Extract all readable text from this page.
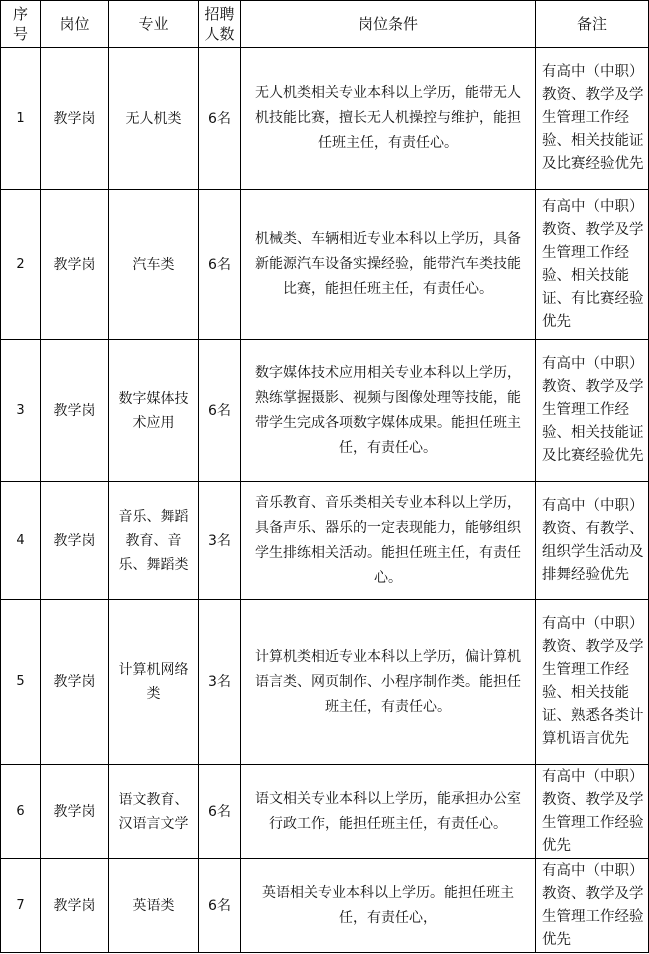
序号	岗位	专业	招聘人数	岗位条件	备注
1	教学岗	无人机类	6名	无人机类相关专业本科以上学历，能带无人机技能比赛，擅长无人机操控与维护，能担任班主任，有责任心。	有高中（中职）教资、教学及学生管理工作经验、相关技能证及比赛经验优先
2	教学岗	汽车类	6名	机械类、车辆相近专业本科以上学历，具备新能源汽车设备实操经验，能带汽车类技能比赛，能担任班主任，有责任心。	有高中（中职）教资、教学及学生管理工作经验、相关技能证、有比赛经验优先
3	教学岗	数字媒体技术应用	6名	数字媒体技术应用相关专业本科以上学历，熟练掌握摄影、视频与图像处理等技能，能带学生完成各项数字媒体成果。能担任班主任，有责任心。	有高中（中职）教资、教学及学生管理工作经验、相关技能证及比赛经验优先
4	教学岗	音乐、舞蹈教育、音乐、舞蹈类	3名	音乐教育、音乐类相关专业本科以上学历，具备声乐、器乐的一定表现能力，能够组织学生排练相关活动。能担任班主任，有责任心。	有高中（中职）教资、有教学、组织学生活动及排舞经验优先
5	教学岗	计算机网络类	3名	计算机类相近专业本科以上学历，偏计算机语言类、网页制作、小程序制作类。能担任班主任，有责任心。	有高中（中职）教资、教学及学生管理工作经验、相关技能证、熟悉各类计算机语言优先
6	教学岗	语文教育、汉语言文学	6名	语文相关专业本科以上学历，能承担办公室行政工作，能担任班主任，有责任心。	有高中（中职）教资、教学及学生管理工作经验优先
7	教学岗	英语类	6名	英语相关专业本科以上学历。能担任班主任，有责任心，	有高中（中职）教资、教学及学生管理工作经验优先
